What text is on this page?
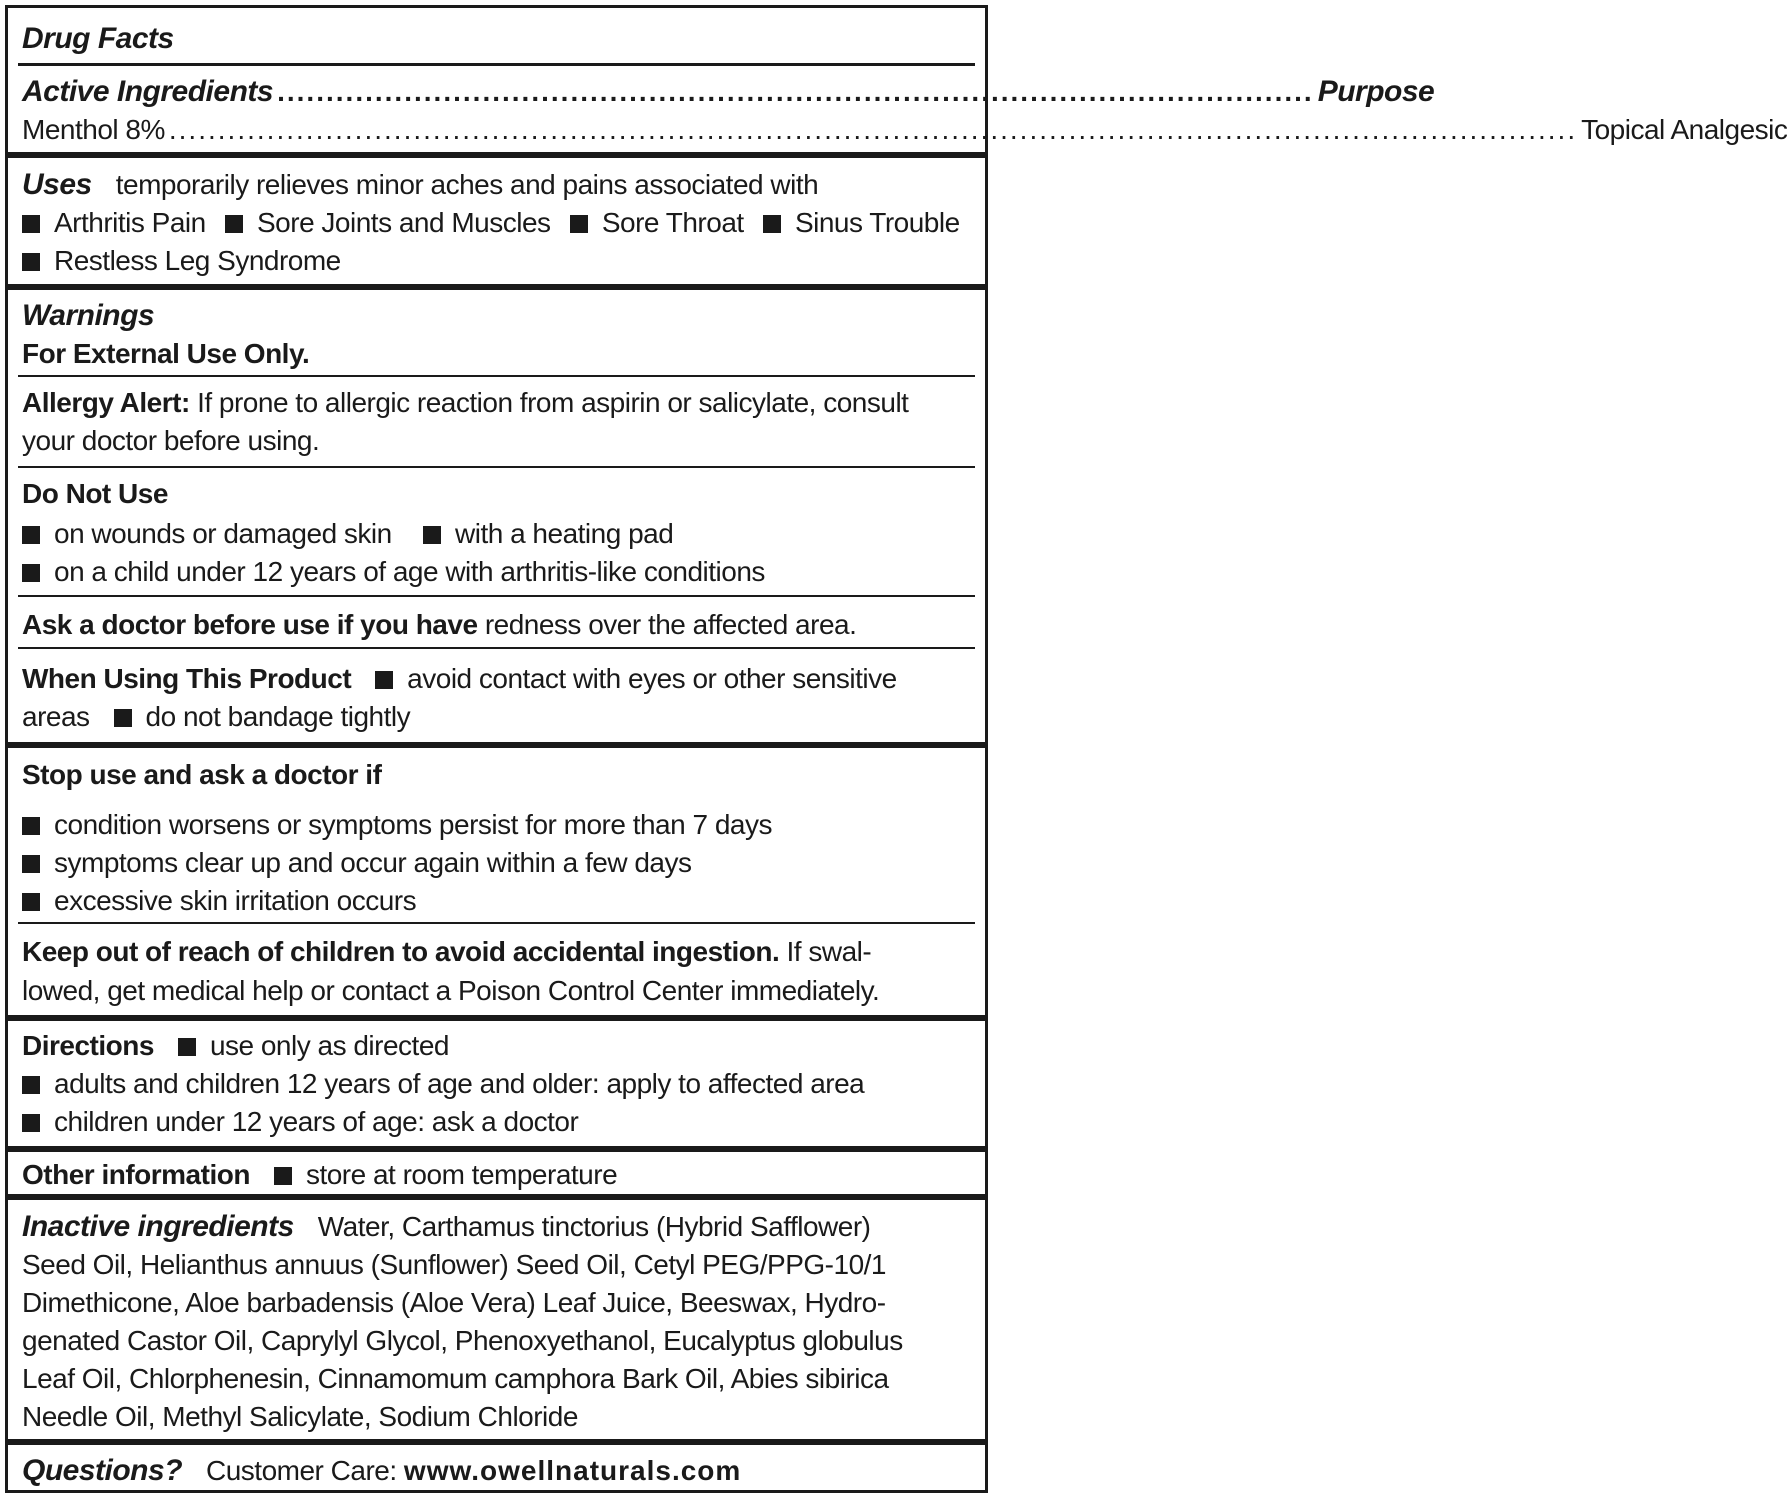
Drug Facts
Active Ingredients .......................................................................................................... Purpose
Menthol 8% ................................................................................................................................................ Topical Analgesic
Uses temporarily relieves minor aches and pains associated with
Arthritis Pain Sore Joints and Muscles Sore Throat Sinus Trouble
Restless Leg Syndrome
Warnings
For External Use Only.
Allergy Alert: If prone to allergic reaction from aspirin or salicylate, consult
your doctor before using.
Do Not Use
on wounds or damaged skin with a heating pad
on a child under 12 years of age with arthritis-like conditions
Ask a doctor before use if you have redness over the affected area.
When Using This Product avoid contact with eyes or other sensitive
areas do not bandage tightly
Stop use and ask a doctor if
condition worsens or symptoms persist for more than 7 days
symptoms clear up and occur again within a few days
excessive skin irritation occurs
Keep out of reach of children to avoid accidental ingestion. If swal-
lowed, get medical help or contact a Poison Control Center immediately.
Directions use only as directed
adults and children 12 years of age and older: apply to affected area
children under 12 years of age: ask a doctor
Other information store at room temperature
Inactive ingredients Water, Carthamus tinctorius (Hybrid Safflower)
Seed Oil, Helianthus annuus (Sunflower) Seed Oil, Cetyl PEG/PPG-10/1
Dimethicone, Aloe barbadensis (Aloe Vera) Leaf Juice, Beeswax, Hydro-
genated Castor Oil, Caprylyl Glycol, Phenoxyethanol, Eucalyptus globulus
Leaf Oil, Chlorphenesin, Cinnamomum camphora Bark Oil, Abies sibirica
Needle Oil, Methyl Salicylate, Sodium Chloride
Questions? Customer Care: www.owellnaturals.com
